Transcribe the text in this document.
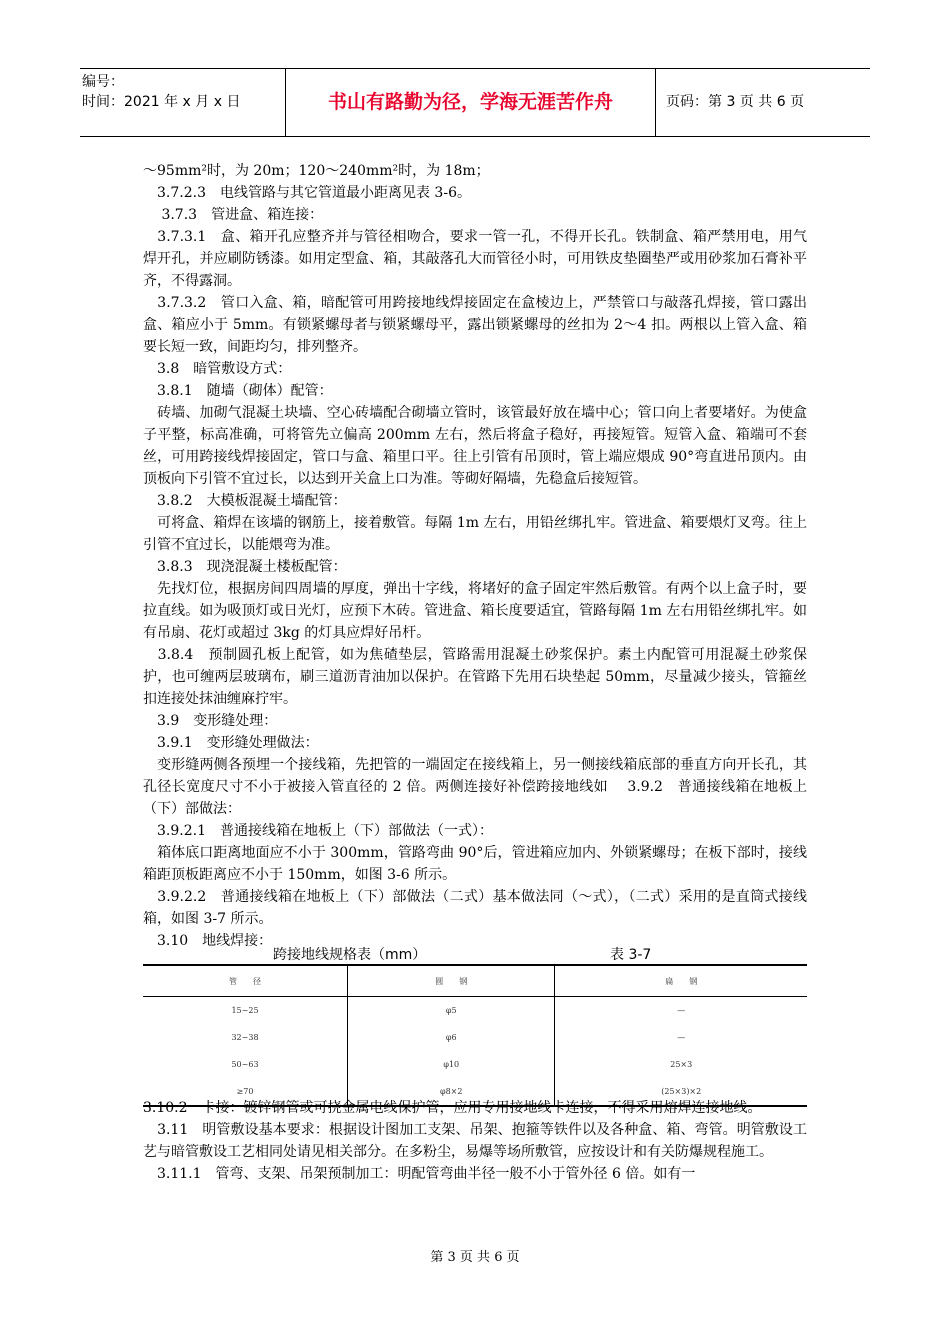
编号：
时间：2021 年 x 月 x 日	书山有路勤为径，学海无涯苦作舟	页码：第 3 页 共 6 页

～95mm²时，为 20m；120～240mm²时，为 18m；

　3.7.2.3　电线管路与其它管道最小距离见表 3-6。

　 3.7.3　管进盒、箱连接：

　3.7.3.1　盒、箱开孔应整齐并与管径相吻合，要求一管一孔，不得开长孔。铁制盒、箱严禁用电，用气焊开孔，并应刷防锈漆。如用定型盒、箱，其敲落孔大而管径小时，可用铁皮垫圈垫严或用砂浆加石膏补平齐，不得露洞。

　3.7.3.2　管口入盒、箱，暗配管可用跨接地线焊接固定在盒棱边上，严禁管口与敲落孔焊接，管口露出盒、箱应小于 5mm。有锁紧螺母者与锁紧螺母平，露出锁紧螺母的丝扣为 2～4 扣。两根以上管入盒、箱要长短一致，间距均匀，排列整齐。

　3.8　暗管敷设方式：

　3.8.1　随墙（砌体）配管：

　砖墙、加砌气混凝土块墙、空心砖墙配合砌墙立管时，该管最好放在墙中心；管口向上者要堵好。为使盒子平整，标高准确，可将管先立偏高 200mm 左右，然后将盒子稳好，再接短管。短管入盒、箱端可不套丝，可用跨接线焊接固定，管口与盒、箱里口平。往上引管有吊顶时，管上端应煨成 90°弯直进吊顶内。由顶板向下引管不宜过长，以达到开关盒上口为准。等砌好隔墙，先稳盒后接短管。

　3.8.2　大模板混凝土墙配管：

　可将盒、箱焊在该墙的钢筋上，接着敷管。每隔 1m 左右，用铅丝绑扎牢。管进盒、箱要煨灯叉弯。往上引管不宜过长，以能煨弯为准。

　3.8.3　现浇混凝土楼板配管：

　先找灯位，根据房间四周墙的厚度，弹出十字线，将堵好的盒子固定牢然后敷管。有两个以上盒子时，要拉直线。如为吸顶灯或日光灯，应预下木砖。管进盒、箱长度要适宜，管路每隔 1m 左右用铅丝绑扎牢。如有吊扇、花灯或超过 3kg 的灯具应焊好吊杆。

　3.8.4　预制圆孔板上配管，如为焦碴垫层，管路需用混凝土砂浆保护。素土内配管可用混凝土砂浆保护，也可缠两层玻璃布，刷三道沥青油加以保护。在管路下先用石块垫起 50mm，尽量减少接头，管箍丝扣连接处抹油缠麻拧牢。

　3.9　变形缝处理：

　3.9.1　变形缝处理做法：

　变形缝两侧各预埋一个接线箱，先把管的一端固定在接线箱上，另一侧接线箱底部的垂直方向开长孔，其孔径长宽度尺寸不小于被接入管直径的 2 倍。两侧连接好补偿跨接地线如　 3.9.2　普通接线箱在地板上（下）部做法：

　3.9.2.1　普通接线箱在地板上（下）部做法（一式）：

　箱体底口距离地面应不小于 300mm，管路弯曲 90°后，管进箱应加内、外锁紧螺母；在板下部时，接线箱距顶板距离应不小于 150mm，如图 3-6 所示。

　3.9.2.2　普通接线箱在地板上（下）部做法（二式）基本做法同（～式），（二式）采用的是直筒式接线箱，如图 3-7 所示。

　3.10　地线焊接：

跨接地线规格表（mm）	表 3-7
管　　径	圆　　钢	扁　　钢
15~25	φ5	—
32~38	φ6	—
50~63	φ10	25×3
≥70	φ8×2	(25×3)×2

3.10.2　卡接：镀锌钢管或可挠金属电线保护管，应用专用接地线卡连接，不得采用熔焊连接地线。

　3.11　明管敷设基本要求：根据设计图加工支架、吊架、抱箍等铁件以及各种盒、箱、弯管。明管敷设工艺与暗管敷设工艺相同处请见相关部分。在多粉尘，易爆等场所敷管，应按设计和有关防爆规程施工。

　3.11.1　管弯、支架、吊架预制加工：明配管弯曲半径一般不小于管外径 6 倍。如有一

第 3 页 共 6 页
